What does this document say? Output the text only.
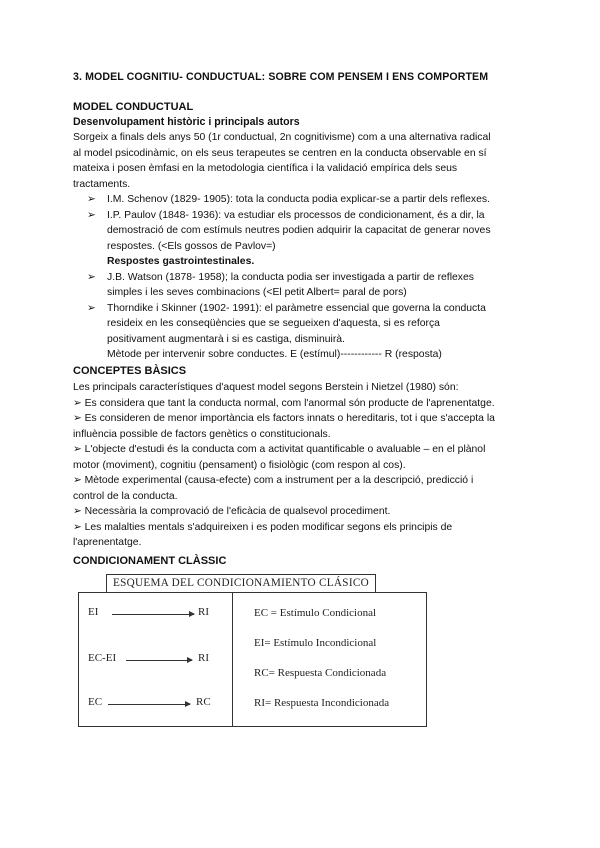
3. MODEL COGNITIU- CONDUCTUAL: SOBRE COM PENSEM I ENS COMPORTEM
MODEL CONDUCTUAL
Desenvolupament històric i principals autors
Sorgeix a finals dels anys 50 (1r conductual, 2n cognitivisme) com a una alternativa radical
al model psicodinàmic, on els seus terapeutes se centren en la conducta observable en sí
mateixa i posen èmfasi en la metodologia científica i la validació empírica dels seus
tractaments.
➢ I.M. Schenov (1829- 1905): tota la conducta podia explicar-se a partir dels reflexes.
➢ I.P. Paulov (1848- 1936): va estudiar els processos de condicionament, és a dir, la
demostració de com estímuls neutres podien adquirir la capacitat de generar noves
respostes. (<Els gossos de Pavlov=)
Respostes gastrointestinales.
➢ J.B. Watson (1878- 1958); la conducta podia ser investigada a partir de reflexes
simples i les seves combinacions (<El petit Albert= paral de pors)
➢ Thorndike i Skinner (1902- 1991): el paràmetre essencial que governa la conducta
resideix en les conseqüències que se segueixen d'aquesta, si es reforça
positivament augmentarà i si es castiga, disminuirà.
Mètode per intervenir sobre conductes. E (estímul)------------ R (resposta)
CONCEPTES BÀSICS

Les principals característiques d'aquest model segons Berstein i Nietzel (1980) són:

➢ Es considera que tant la conducta normal, com l'anormal són producte de l'aprenentatge.

➢ Es consideren de menor importància els factors innats o hereditaris, tot i que s'accepta la
influència possible de factors genètics o constitucionals.

➢ L'objecte d'estudi és la conducta com a activitat quantificable o avaluable – en el plànol
motor (moviment), cognitiu (pensament) o fisiològic (com respon al cos).

➢ Mètode experimental (causa-efecte) com a instrument per a la descripció, predicció i
control de la conducta.

➢ Necessària la comprovació de l'eficàcia de qualsevol procediment.

➢ Les malalties mentals s'adquireixen i es poden modificar segons els principis de
l'aprenentatge.

CONDICIONAMENT CLÀSSIC
ESQUEMA DEL CONDICIONAMIENTO CLÁSICO
EI	RI
EC-EI	RI
EC	RC
EC = Estímulo Condicional
EI= Estímulo Incondicional
RC= Respuesta Condicionada
RI= Respuesta Incondicionada
